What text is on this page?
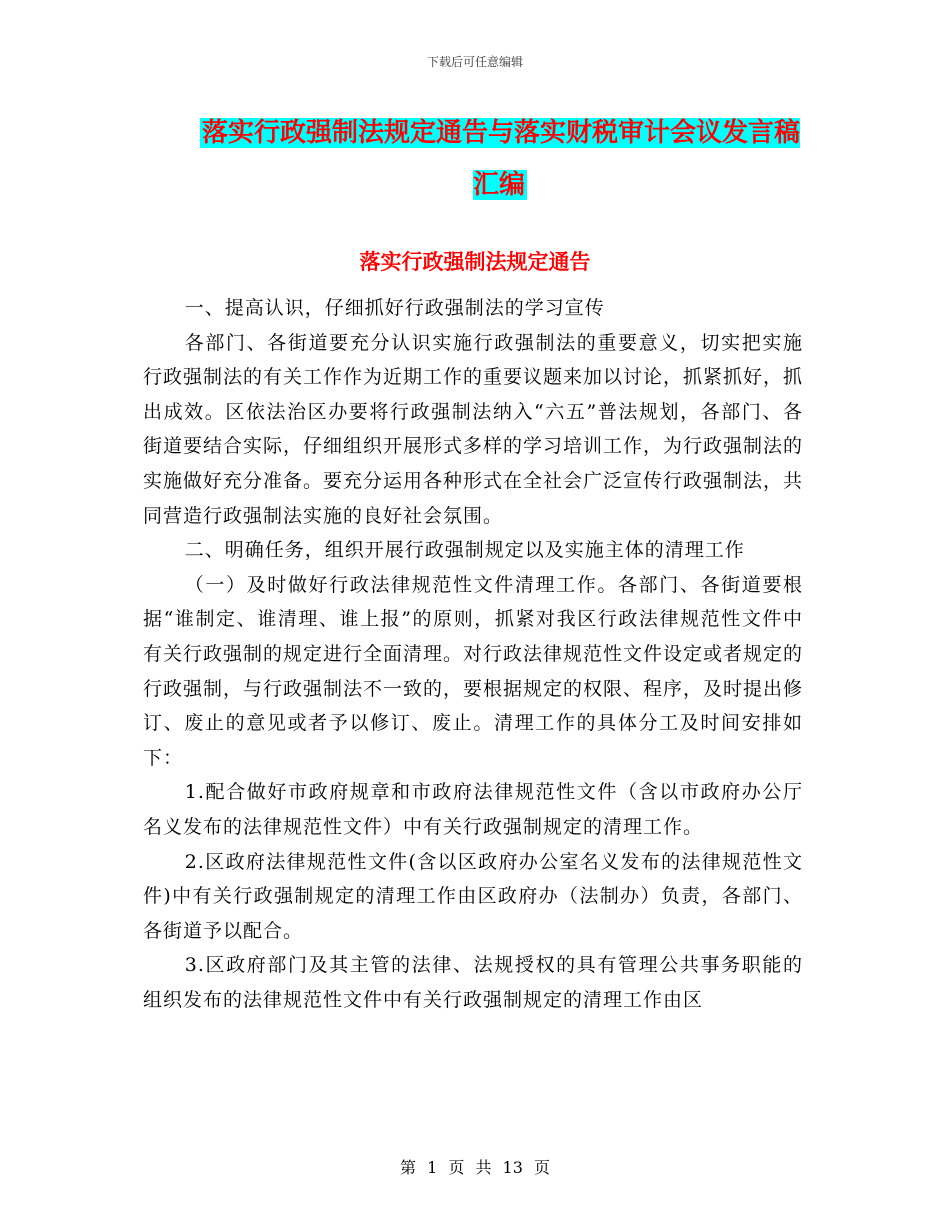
下载后可任意编辑
落实行政强制法规定通告与落实财税审计会议发言稿汇编
落实行政强制法规定通告

一、提高认识，仔细抓好行政强制法的学习宣传

各部门、各街道要充分认识实施行政强制法的重要意义，切实把实施行政强制法的有关工作作为近期工作的重要议题来加以讨论，抓紧抓好，抓出成效。区依法治区办要将行政强制法纳入“六五”普法规划，各部门、各街道要结合实际，仔细组织开展形式多样的学习培训工作，为行政强制法的实施做好充分准备。要充分运用各种形式在全社会广泛宣传行政强制法，共同营造行政强制法实施的良好社会氛围。

二、明确任务，组织开展行政强制规定以及实施主体的清理工作

（一）及时做好行政法律规范性文件清理工作。各部门、各街道要根据“谁制定、谁清理、谁上报”的原则，抓紧对我区行政法律规范性文件中有关行政强制的规定进行全面清理。对行政法律规范性文件设定或者规定的行政强制，与行政强制法不一致的，要根据规定的权限、程序，及时提出修订、废止的意见或者予以修订、废止。清理工作的具体分工及时间安排如下：

1.配合做好市政府规章和市政府法律规范性文件（含以市政府办公厅名义发布的法律规范性文件）中有关行政强制规定的清理工作。

2.区政府法律规范性文件(含以区政府办公室名义发布的法律规范性文件)中有关行政强制规定的清理工作由区政府办（法制办）负责，各部门、各街道予以配合。

3.区政府部门及其主管的法律、法规授权的具有管理公共事务职能的组织发布的法律规范性文件中有关行政强制规定的清理工作由区

第 1 页 共 13 页
